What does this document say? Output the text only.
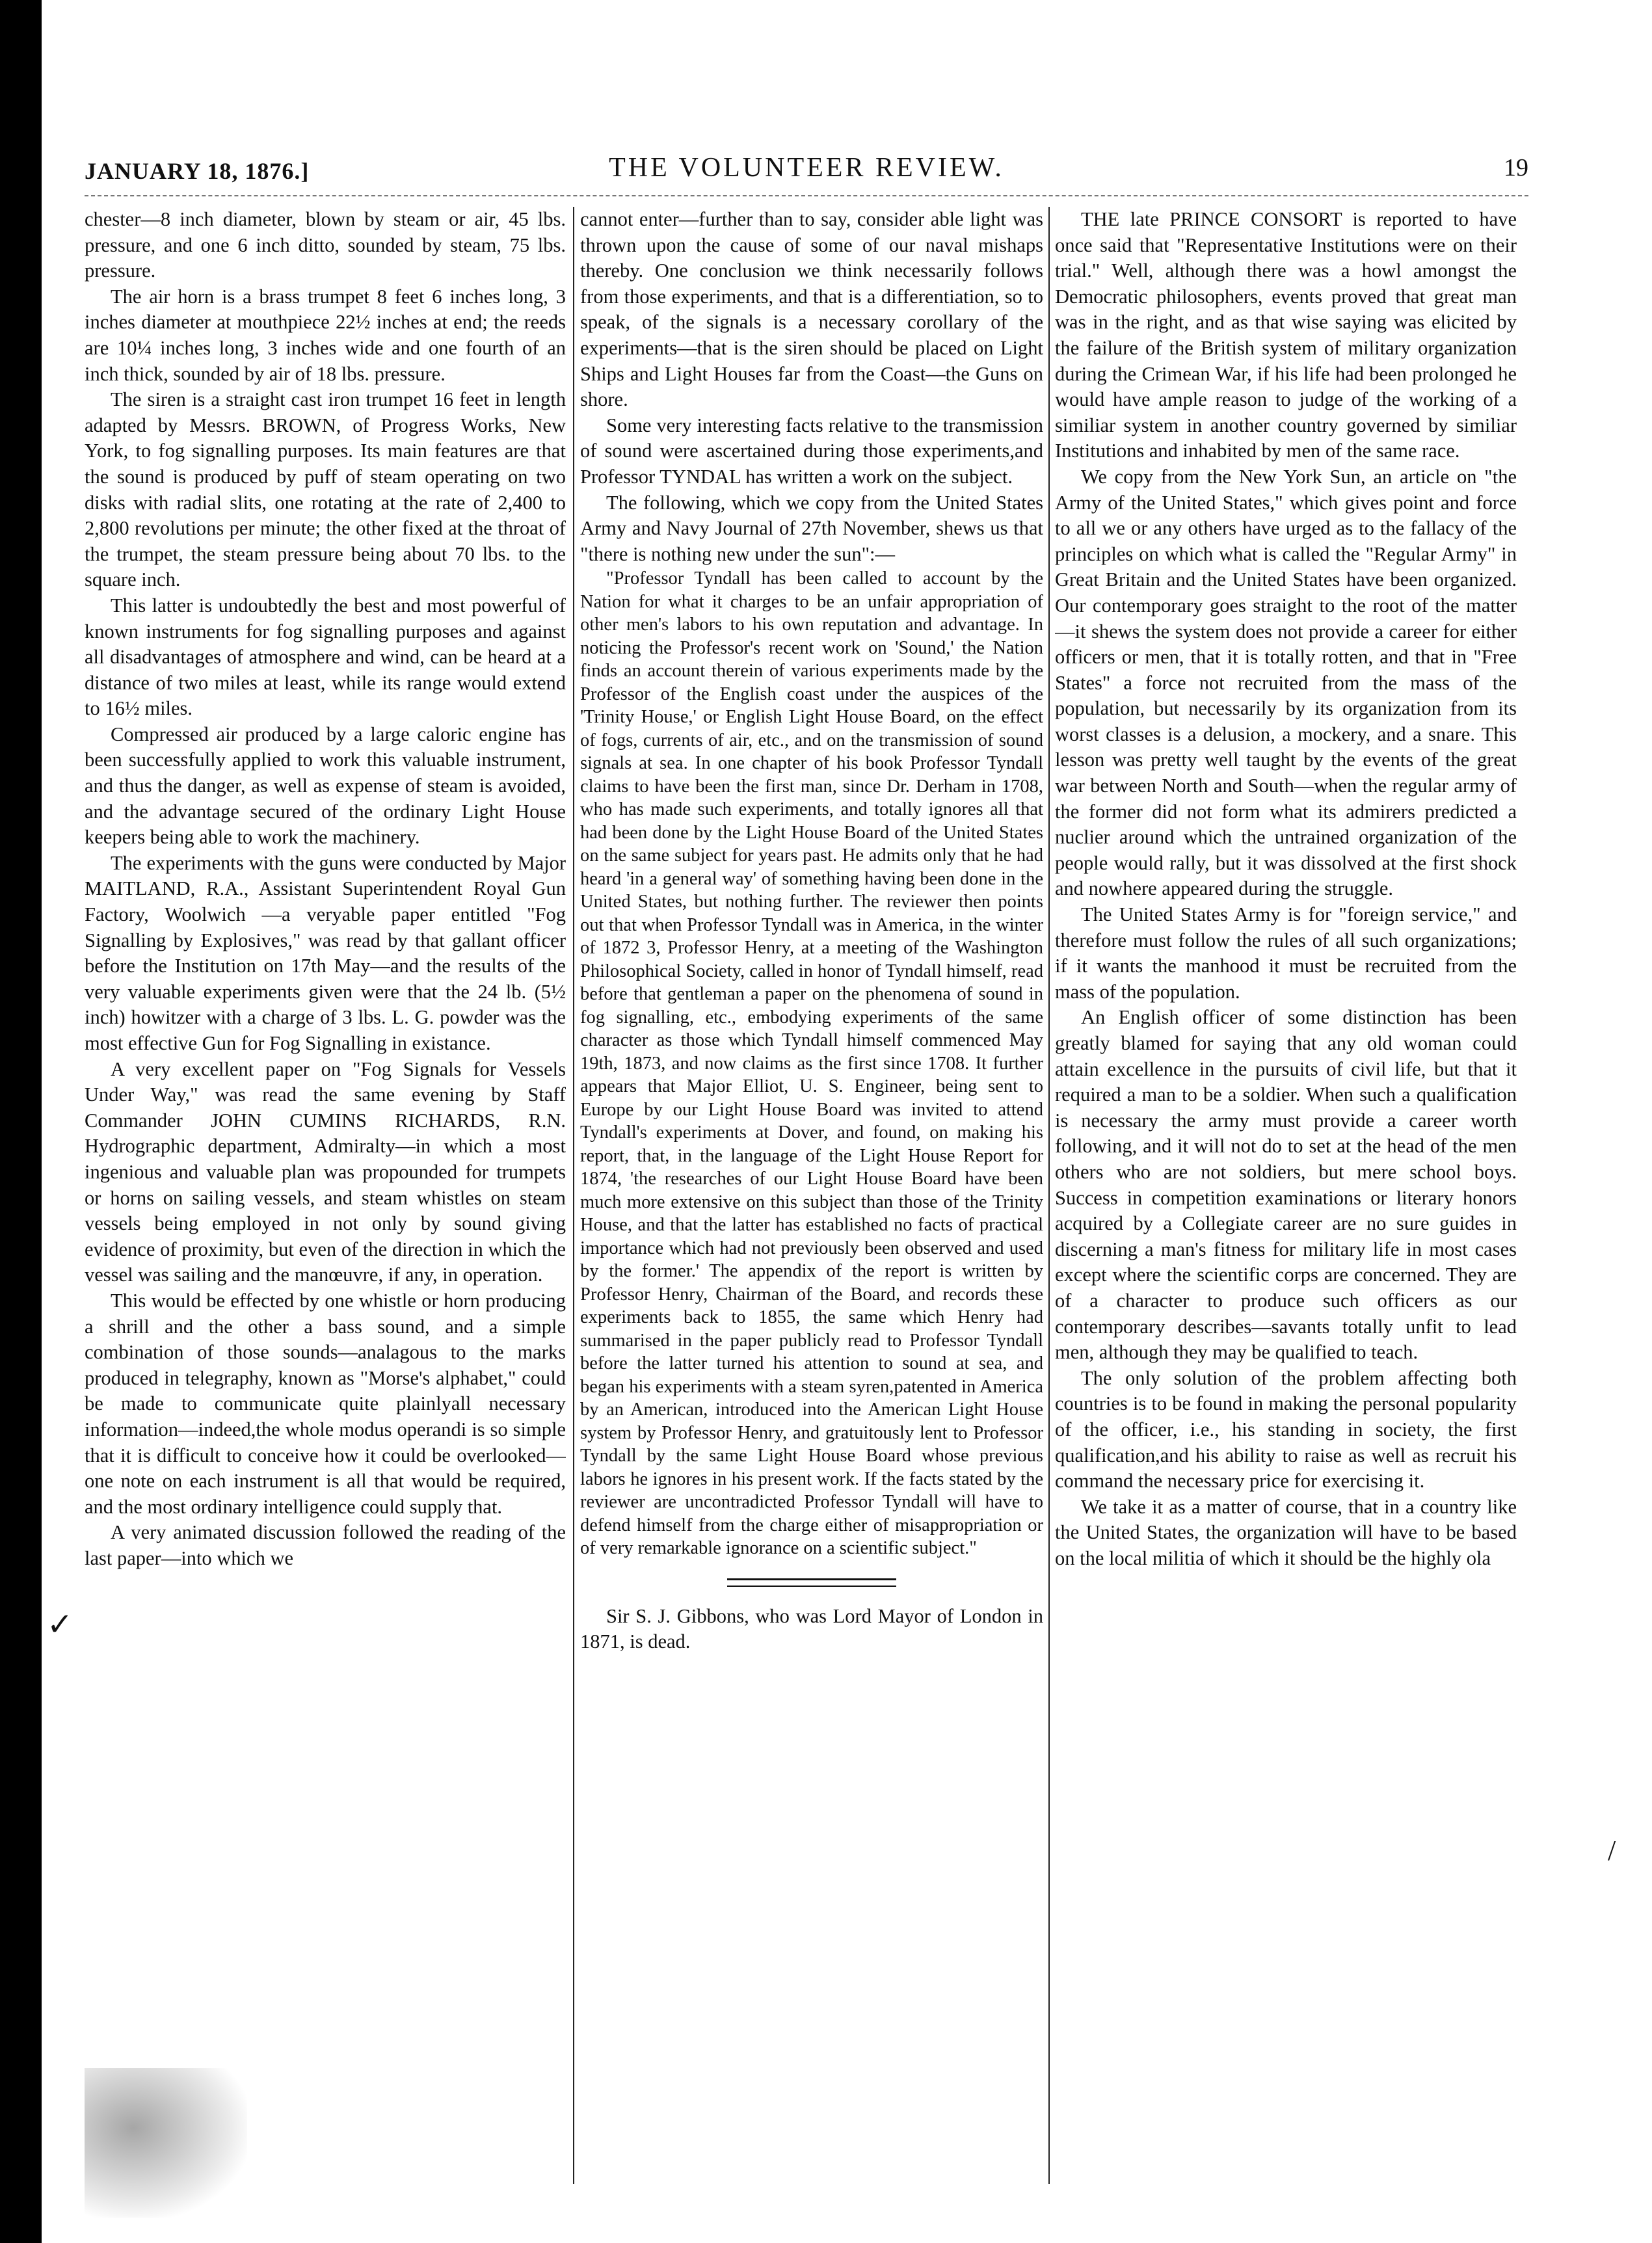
JANUARY 18, 1876.]	THE VOLUNTEER REVIEW.	19

chester—8 inch diameter, blown by steam or air, 45 lbs. pressure, and one 6 inch ditto, sounded by steam, 75 lbs. pressure.

The air horn is a brass trumpet 8 feet 6 inches long, 3 inches diameter at mouthpiece 22½ inches at end; the reeds are 10¼ inches long, 3 inches wide and one fourth of an inch thick, sounded by air of 18 lbs. pressure.

The siren is a straight cast iron trumpet 16 feet in length adapted by Messrs. BROWN, of Progress Works, New York, to fog signalling purposes. Its main features are that the sound is produced by puff of steam operating on two disks with radial slits, one rotating at the rate of 2,400 to 2,800 revolutions per minute; the other fixed at the throat of the trumpet, the steam pressure being about 70 lbs. to the square inch.

This latter is undoubtedly the best and most powerful of known instruments for fog signalling purposes and against all disadvantages of atmosphere and wind, can be heard at a distance of two miles at least, while its range would extend to 16½ miles.

Compressed air produced by a large caloric engine has been successfully applied to work this valuable instrument, and thus the danger, as well as expense of steam is avoided, and the advantage secured of the ordinary Light House keepers being able to work the machinery.

The experiments with the guns were conducted by Major MAITLAND, R.A., Assistant Superintendent Royal Gun Factory, Woolwich —a veryable paper entitled "Fog Signalling by Explosives," was read by that gallant officer before the Institution on 17th May—and the results of the very valuable experiments given were that the 24 lb. (5½ inch) howitzer with a charge of 3 lbs. L. G. powder was the most effective Gun for Fog Signalling in existance.

A very excellent paper on "Fog Signals for Vessels Under Way," was read the same evening by Staff Commander JOHN CUMINS RICHARDS, R.N. Hydrographic department, Admiralty—in which a most ingenious and valuable plan was propounded for trumpets or horns on sailing vessels, and steam whistles on steam vessels being employed in not only by sound giving evidence of proximity, but even of the direction in which the vessel was sailing and the manœuvre, if any, in operation.

This would be effected by one whistle or horn producing a shrill and the other a bass sound, and a simple combination of those sounds—analagous to the marks produced in telegraphy, known as "Morse's alphabet," could be made to communicate quite plainlyall necessary information—indeed,the whole modus operandi is so simple that it is difficult to conceive how it could be overlooked—one note on each instrument is all that would be required, and the most ordinary intelligence could supply that.

A very animated discussion followed the reading of the last paper—into which we

cannot enter—further than to say, consider able light was thrown upon the cause of some of our naval mishaps thereby. One conclusion we think necessarily follows from those experiments, and that is a differentiation, so to speak, of the signals is a necessary corollary of the experiments—that is the siren should be placed on Light Ships and Light Houses far from the Coast—the Guns on shore.

Some very interesting facts relative to the transmission of sound were ascertained during those experiments,and Professor TYNDAL has written a work on the subject.

The following, which we copy from the United States Army and Navy Journal of 27th November, shews us that "there is nothing new under the sun":—

"Professor Tyndall has been called to account by the Nation for what it charges to be an unfair appropriation of other men's labors to his own reputation and advantage. In noticing the Professor's recent work on 'Sound,' the Nation finds an account therein of various experiments made by the Professor of the English coast under the auspices of the 'Trinity House,' or English Light House Board, on the effect of fogs, currents of air, etc., and on the transmission of sound signals at sea. In one chapter of his book Professor Tyndall claims to have been the first man, since Dr. Derham in 1708, who has made such experiments, and totally ignores all that had been done by the Light House Board of the United States on the same subject for years past. He admits only that he had heard 'in a general way' of something having been done in the United States, but nothing further. The reviewer then points out that when Professor Tyndall was in America, in the winter of 1872 3, Professor Henry, at a meeting of the Washington Philosophical Society, called in honor of Tyndall himself, read before that gentleman a paper on the phenomena of sound in fog signalling, etc., embodying experiments of the same character as those which Tyndall himself commenced May 19th, 1873, and now claims as the first since 1708. It further appears that Major Elliot, U. S. Engineer, being sent to Europe by our Light House Board was invited to attend Tyndall's experiments at Dover, and found, on making his report, that, in the language of the Light House Report for 1874, 'the researches of our Light House Board have been much more extensive on this subject than those of the Trinity House, and that the latter has established no facts of practical importance which had not previously been observed and used by the former.' The appendix of the report is written by Professor Henry, Chairman of the Board, and records these experiments back to 1855, the same which Henry had summarised in the paper publicly read to Professor Tyndall before the latter turned his attention to sound at sea, and began his experiments with a steam syren,patented in America by an American, introduced into the American Light House system by Professor Henry, and gratuitously lent to Professor Tyndall by the same Light House Board whose previous labors he ignores in his present work. If the facts stated by the reviewer are uncontradicted Professor Tyndall will have to defend himself from the charge either of misappropriation or of very remarkable ignorance on a scientific subject."

Sir S. J. Gibbons, who was Lord Mayor of London in 1871, is dead.

THE late PRINCE CONSORT is reported to have once said that "Representative Institutions were on their trial." Well, although there was a howl amongst the Democratic philosophers, events proved that great man was in the right, and as that wise saying was elicited by the failure of the British system of military organization during the Crimean War, if his life had been prolonged he would have ample reason to judge of the working of a similiar system in another country governed by similiar Institutions and inhabited by men of the same race.

We copy from the New York Sun, an article on "the Army of the United States," which gives point and force to all we or any others have urged as to the fallacy of the principles on which what is called the "Regular Army" in Great Britain and the United States have been organized. Our contemporary goes straight to the root of the matter—it shews the system does not provide a career for either officers or men, that it is totally rotten, and that in "Free States" a force not recruited from the mass of the population, but necessarily by its organization from its worst classes is a delusion, a mockery, and a snare. This lesson was pretty well taught by the events of the great war between North and South—when the regular army of the former did not form what its admirers predicted a nuclier around which the untrained organization of the people would rally, but it was dissolved at the first shock and nowhere appeared during the struggle.

The United States Army is for "foreign service," and therefore must follow the rules of all such organizations; if it wants the manhood it must be recruited from the mass of the population.

An English officer of some distinction has been greatly blamed for saying that any old woman could attain excellence in the pursuits of civil life, but that it required a man to be a soldier. When such a qualification is necessary the army must provide a career worth following, and it will not do to set at the head of the men others who are not soldiers, but mere school boys. Success in competition examinations or literary honors acquired by a Collegiate career are no sure guides in discerning a man's fitness for military life in most cases except where the scientific corps are concerned. They are of a character to produce such officers as our contemporary describes—savants totally unfit to lead men, although they may be qualified to teach.

The only solution of the problem affecting both countries is to be found in making the personal popularity of the officer, i.e., his standing in society, the first qualification,and his ability to raise as well as recruit his command the necessary price for exercising it.

We take it as a matter of course, that in a country like the United States, the organization will have to be based on the local militia of which it should be the highly ola

✓
/
